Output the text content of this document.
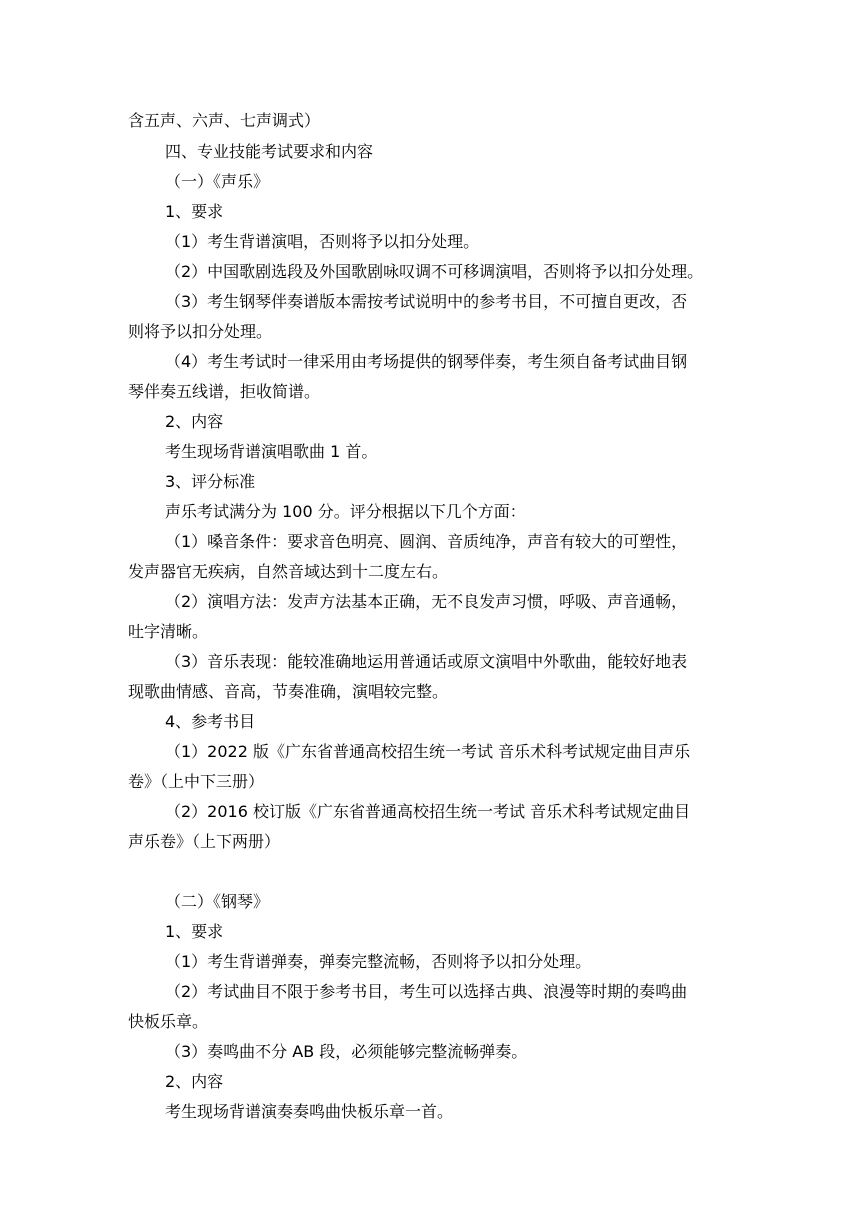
含五声、六声、七声调式）
四、专业技能考试要求和内容
（一）《声乐》
1、要求
（1）考生背谱演唱，否则将予以扣分处理。
（2）中国歌剧选段及外国歌剧咏叹调不可移调演唱，否则将予以扣分处理。
（3）考生钢琴伴奏谱版本需按考试说明中的参考书目，不可擅自更改，否
则将予以扣分处理。
（4）考生考试时一律采用由考场提供的钢琴伴奏，考生须自备考试曲目钢
琴伴奏五线谱，拒收简谱。
2、内容
考生现场背谱演唱歌曲 1 首。
3、评分标准
声乐考试满分为 100 分。评分根据以下几个方面：
（1）嗓音条件：要求音色明亮、圆润、音质纯净，声音有较大的可塑性，
发声器官无疾病，自然音域达到十二度左右。
（2）演唱方法：发声方法基本正确，无不良发声习惯，呼吸、声音通畅，
吐字清晰。
（3）音乐表现：能较准确地运用普通话或原文演唱中外歌曲，能较好地表
现歌曲情感、音高，节奏准确，演唱较完整。
4、参考书目
（1）2022 版《广东省普通高校招生统一考试 音乐术科考试规定曲目声乐
卷》（上中下三册）
（2）2016 校订版《广东省普通高校招生统一考试 音乐术科考试规定曲目
声乐卷》（上下两册）
（二）《钢琴》
1、要求
（1）考生背谱弹奏，弹奏完整流畅，否则将予以扣分处理。
（2）考试曲目不限于参考书目，考生可以选择古典、浪漫等时期的奏鸣曲
快板乐章。
（3）奏鸣曲不分 AB 段，必须能够完整流畅弹奏。
2、内容
考生现场背谱演奏奏鸣曲快板乐章一首。
